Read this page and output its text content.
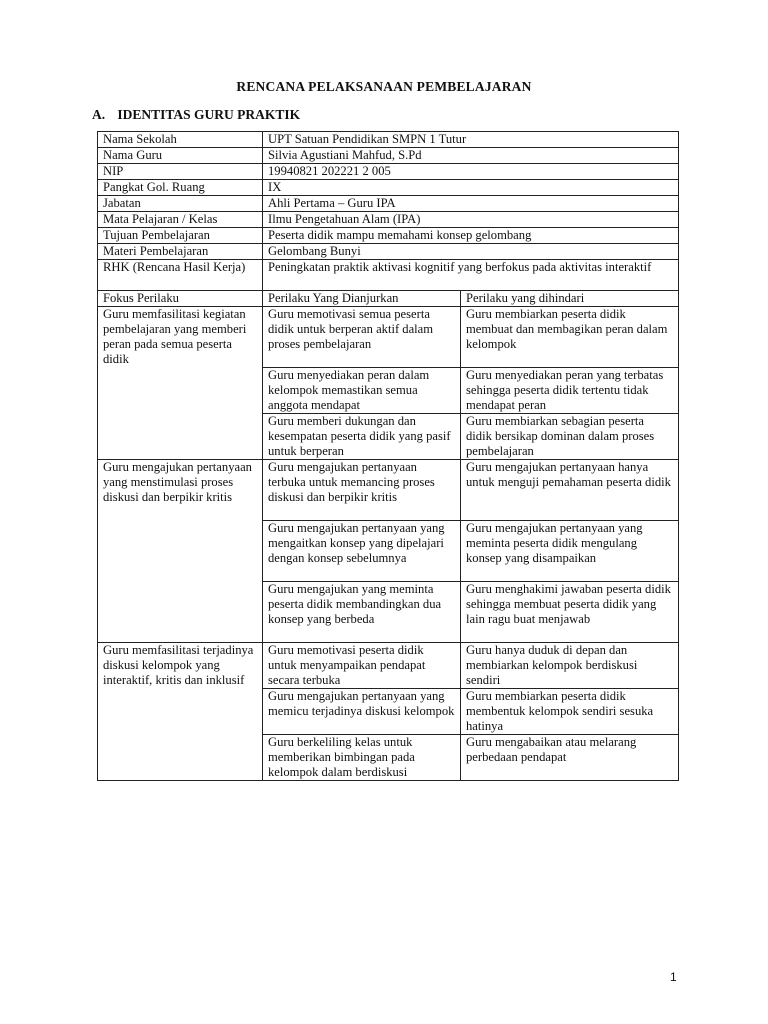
RENCANA PELAKSANAAN PEMBELAJARAN
A. IDENTITAS GURU PRAKTIK
Nama Sekolah	UPT Satuan Pendidikan SMPN 1 Tutur	
Nama Guru	Silvia Agustiani Mahfud, S.Pd	
NIP	19940821 202221 2 005	
Pangkat Gol. Ruang	IX	
Jabatan	Ahli Pertama – Guru IPA	
Mata Pelajaran / Kelas	Ilmu Pengetahuan Alam (IPA)	
Tujuan Pembelajaran	Peserta didik mampu memahami konsep gelombang	
Materi Pembelajaran	Gelombang Bunyi	
RHK (Rencana Hasil Kerja)	Peningkatan praktik aktivasi kognitif yang berfokus pada aktivitas interaktif	
Fokus Perilaku	Perilaku Yang Dianjurkan	Perilaku yang dihindari
Guru memfasilitasi kegiatan pembelajaran yang memberi peran pada semua peserta didik	Guru memotivasi semua peserta didik untuk berperan aktif dalam proses pembelajaran	Guru membiarkan peserta didik membuat dan membagikan peran dalam kelompok
	Guru menyediakan peran dalam kelompok memastikan semua anggota mendapat	Guru menyediakan peran yang terbatas sehingga peserta didik tertentu tidak mendapat peran
	Guru memberi dukungan dan kesempatan peserta didik yang pasif untuk berperan	Guru membiarkan sebagian peserta didik bersikap dominan dalam proses pembelajaran
Guru mengajukan pertanyaan yang menstimulasi proses diskusi dan berpikir kritis	Guru mengajukan pertanyaan terbuka untuk memancing proses diskusi dan berpikir kritis	Guru mengajukan pertanyaan hanya untuk menguji pemahaman peserta didik
	Guru mengajukan pertanyaan yang mengaitkan konsep yang dipelajari dengan konsep sebelumnya	Guru mengajukan pertanyaan yang meminta peserta didik mengulang konsep yang disampaikan
	Guru mengajukan yang meminta peserta didik membandingkan dua konsep yang berbeda	Guru menghakimi jawaban peserta didik sehingga membuat peserta didik yang lain ragu buat menjawab
Guru memfasilitasi terjadinya diskusi kelompok yang interaktif, kritis dan inklusif	Guru memotivasi peserta didik untuk menyampaikan pendapat secara terbuka	Guru hanya duduk di depan dan membiarkan kelompok berdiskusi sendiri
	Guru mengajukan pertanyaan yang memicu terjadinya diskusi kelompok	Guru membiarkan peserta didik membentuk kelompok sendiri sesuka hatinya
	Guru berkeliling kelas untuk memberikan bimbingan pada kelompok dalam berdiskusi	Guru mengabaikan atau melarang perbedaan pendapat
1
